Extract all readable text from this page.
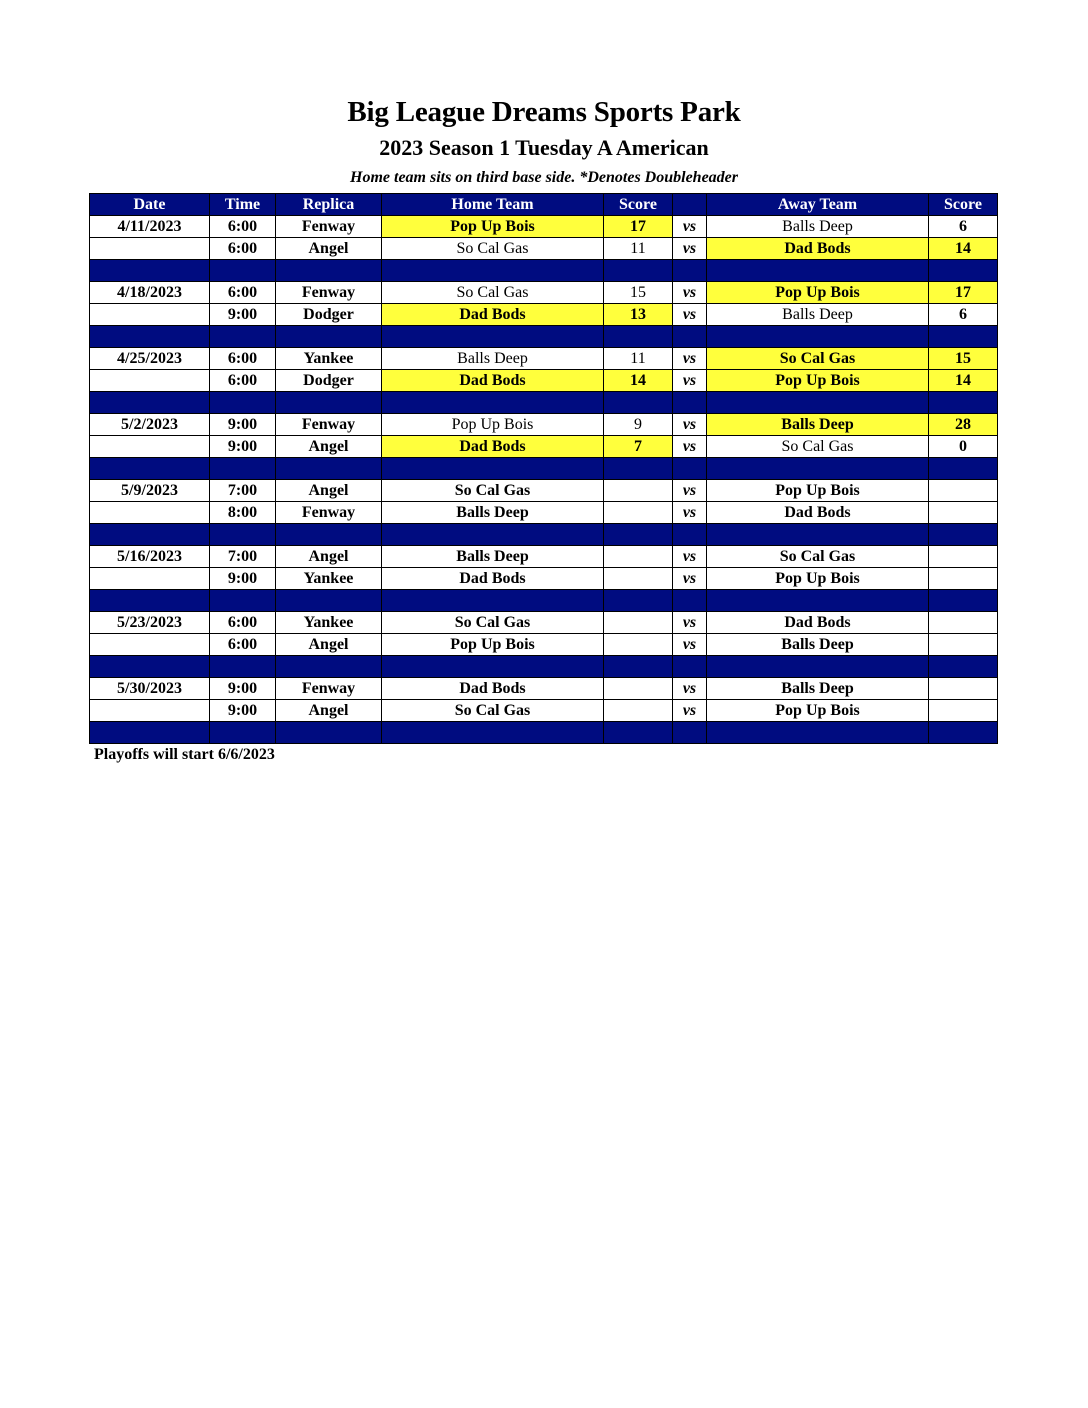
Big League Dreams Sports Park
2023 Season 1 Tuesday A American
Home team sits on third base side. *Denotes Doubleheader
Date	Time	Replica	Home Team	Score		Away Team	Score
4/11/2023	6:00	Fenway	Pop Up Bois	17	vs	Balls Deep	6
	6:00	Angel	So Cal Gas	11	vs	Dad Bods	14

4/18/2023	6:00	Fenway	So Cal Gas	15	vs	Pop Up Bois	17
	9:00	Dodger	Dad Bods	13	vs	Balls Deep	6

4/25/2023	6:00	Yankee	Balls Deep	11	vs	So Cal Gas	15
	6:00	Dodger	Dad Bods	14	vs	Pop Up Bois	14

5/2/2023	9:00	Fenway	Pop Up Bois	9	vs	Balls Deep	28
	9:00	Angel	Dad Bods	7	vs	So Cal Gas	0

5/9/2023	7:00	Angel	So Cal Gas		vs	Pop Up Bois	
	8:00	Fenway	Balls Deep		vs	Dad Bods	

5/16/2023	7:00	Angel	Balls Deep		vs	So Cal Gas	
	9:00	Yankee	Dad Bods		vs	Pop Up Bois	

5/23/2023	6:00	Yankee	So Cal Gas		vs	Dad Bods	
	6:00	Angel	Pop Up Bois		vs	Balls Deep	

5/30/2023	9:00	Fenway	Dad Bods		vs	Balls Deep	
	9:00	Angel	So Cal Gas		vs	Pop Up Bois	

Playoffs will start 6/6/2023
